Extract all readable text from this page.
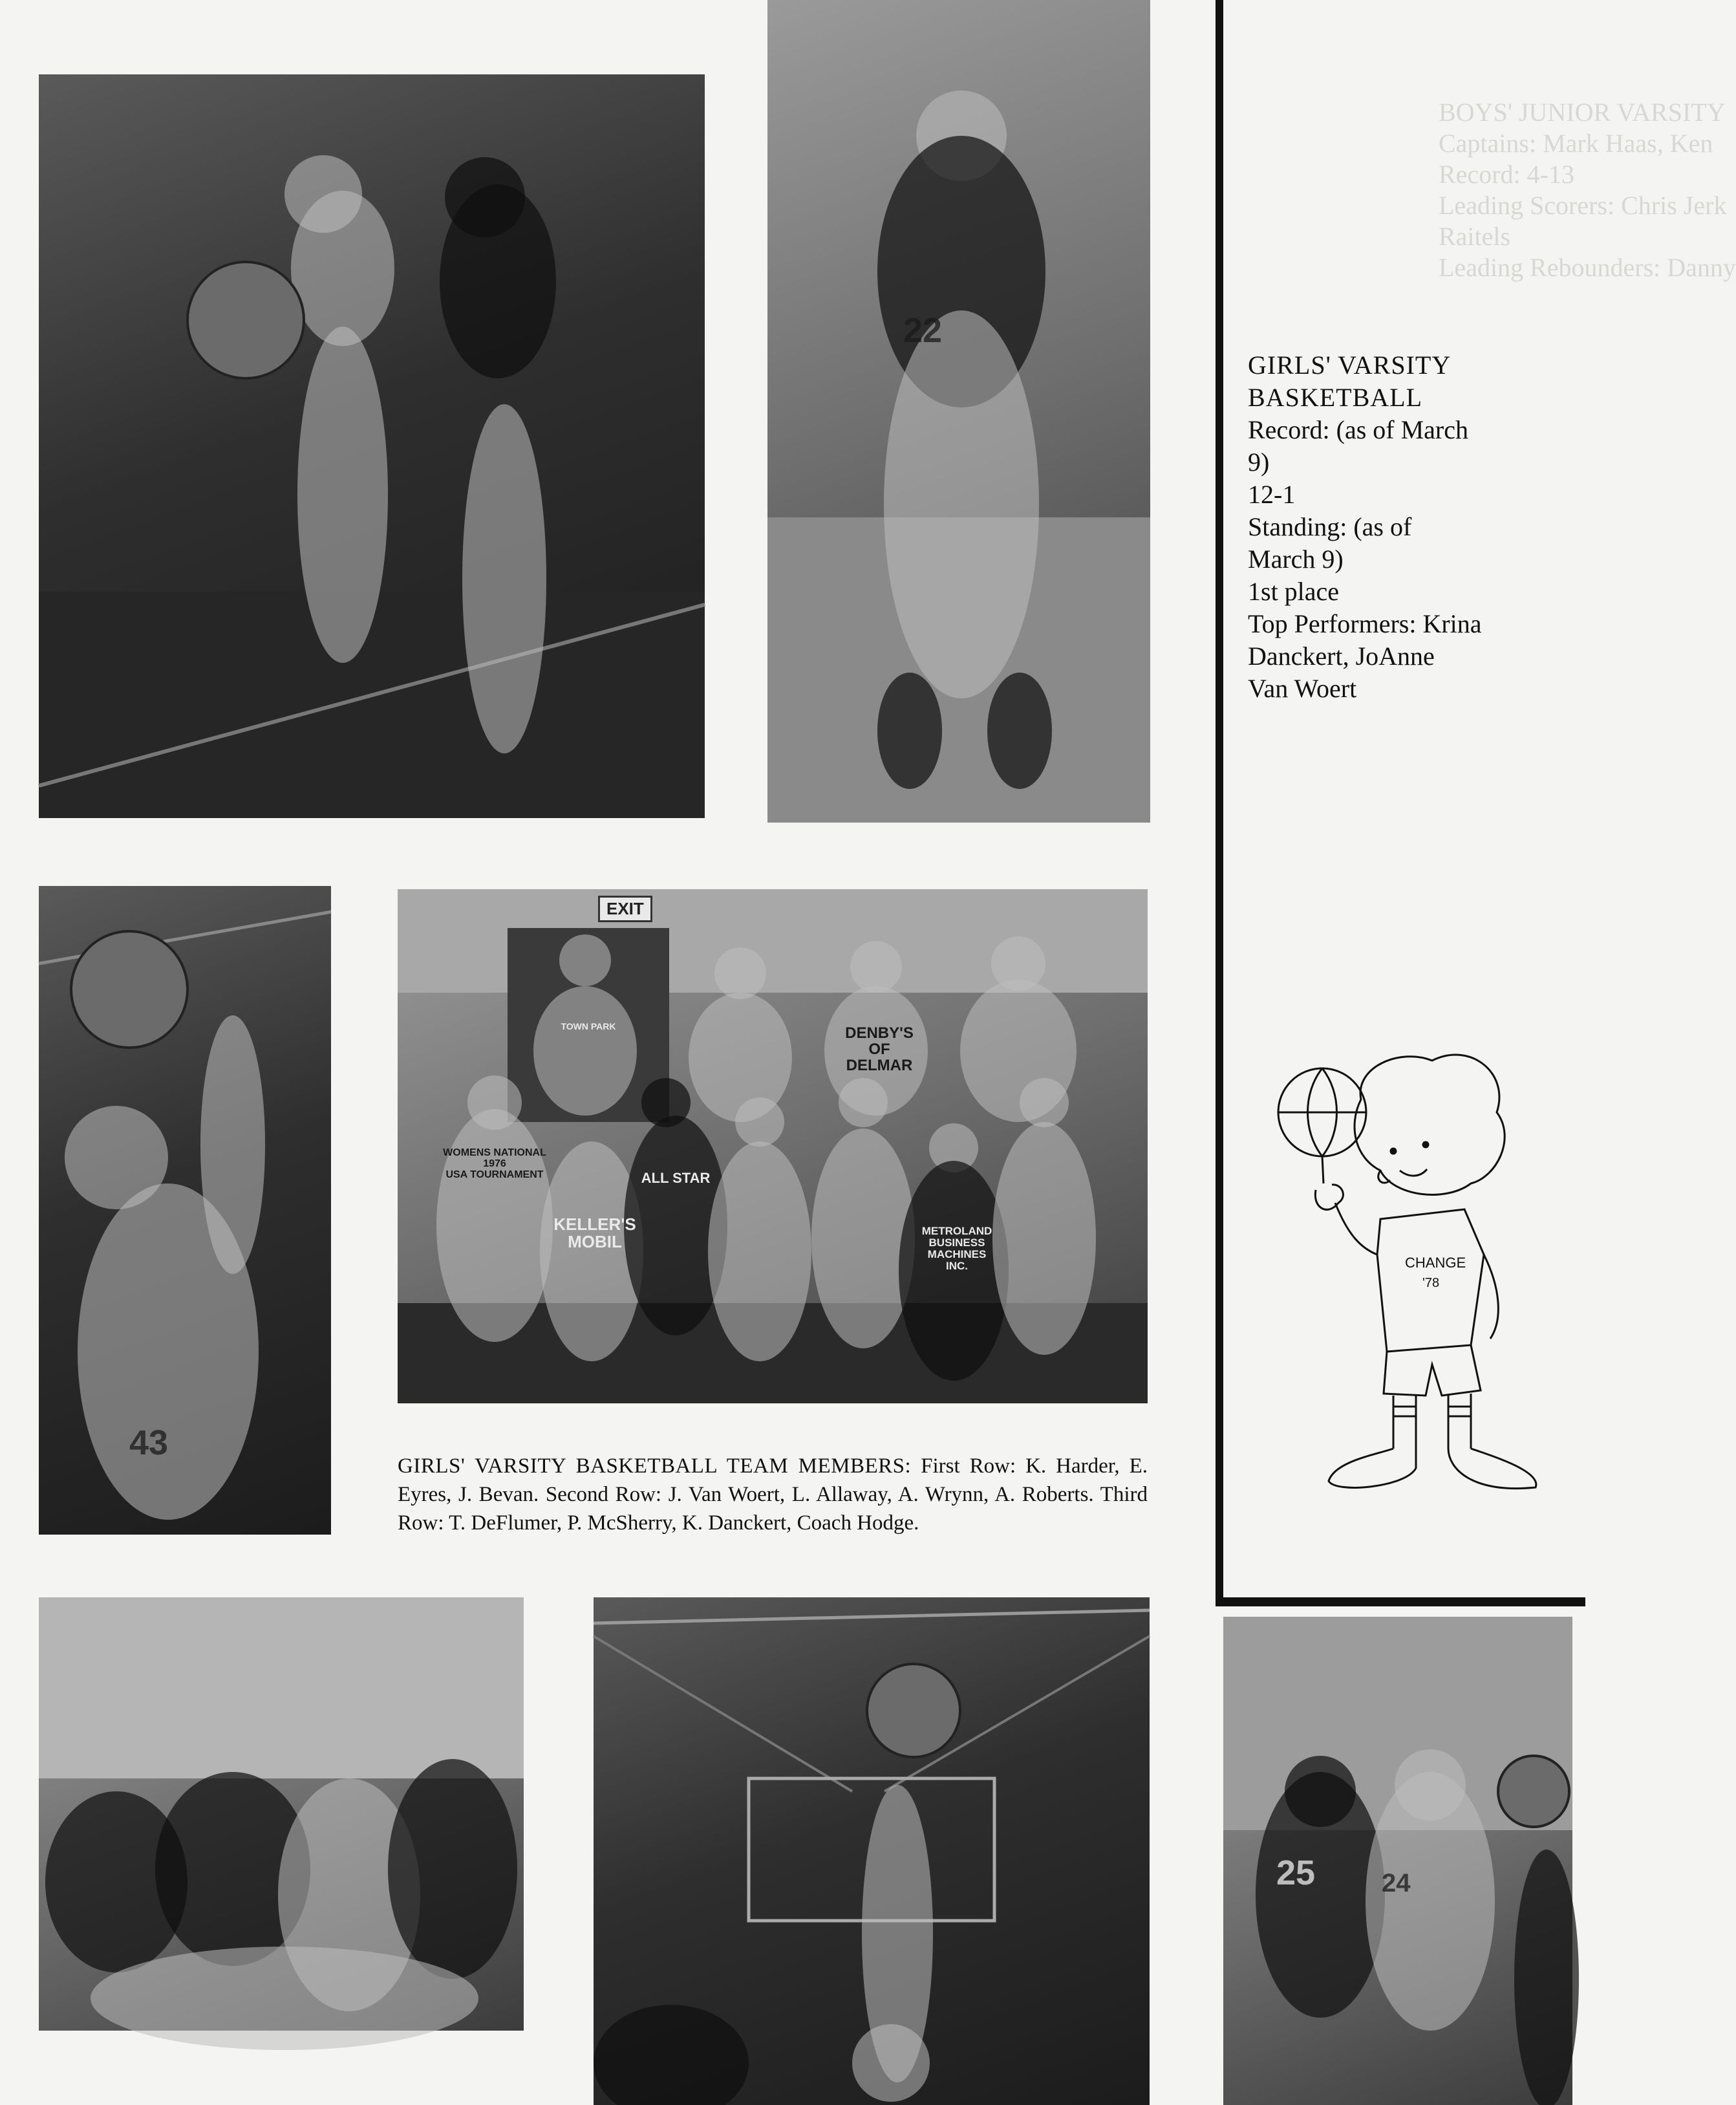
BOYS' JUNIOR VARSITY
Captains: Mark Haas, Ken
Record: 4-13
Leading Scorers: Chris Jerk
Raitels
Leading Rebounders: Danny
22
43
EXIT
TOWN PARK	DENBY'S
OF
DELMAR
WOMENS NATIONAL
1976
USA TOURNAMENT	ALL STAR
KELLER'S
MOBIL
METROLAND
BUSINESS MACHINES
INC.
GIRLS' VARSITY BASKETBALL TEAM MEMBERS: First Row: K. Harder, E. Eyres, J. Bevan. Second Row: J. Van Woert, L. Allaway, A. Wrynn, A. Roberts. Third Row: T. DeFlumer, P. McSherry, K. Danckert, Coach Hodge.
GIRLS' VARSITY
BASKETBALL
Record: (as of March
9)
12-1
Standing: (as of
March 9)
1st place
Top Performers: Krina
Danckert, JoAnne
Van Woert
CHANGE
'78
25	24
